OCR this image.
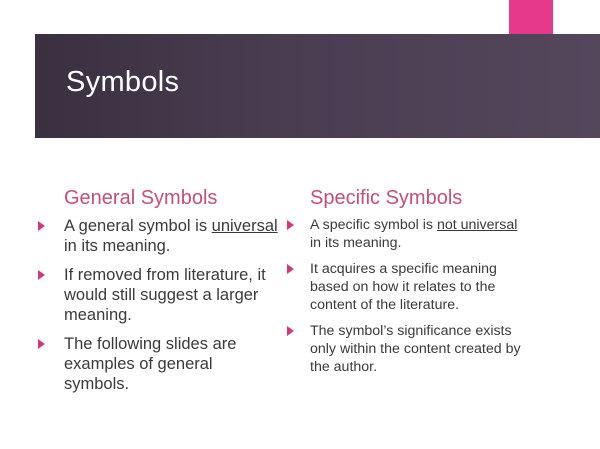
Symbols
General Symbols
A general symbol is universal in its meaning.
If removed from literature, it would still suggest a larger meaning.
The following slides are examples of general symbols.
Specific Symbols
A specific symbol is not universal in its meaning.
It acquires a specific meaning based on how it relates to the content of the literature.
The symbol’s significance exists only within the content created by the author.
